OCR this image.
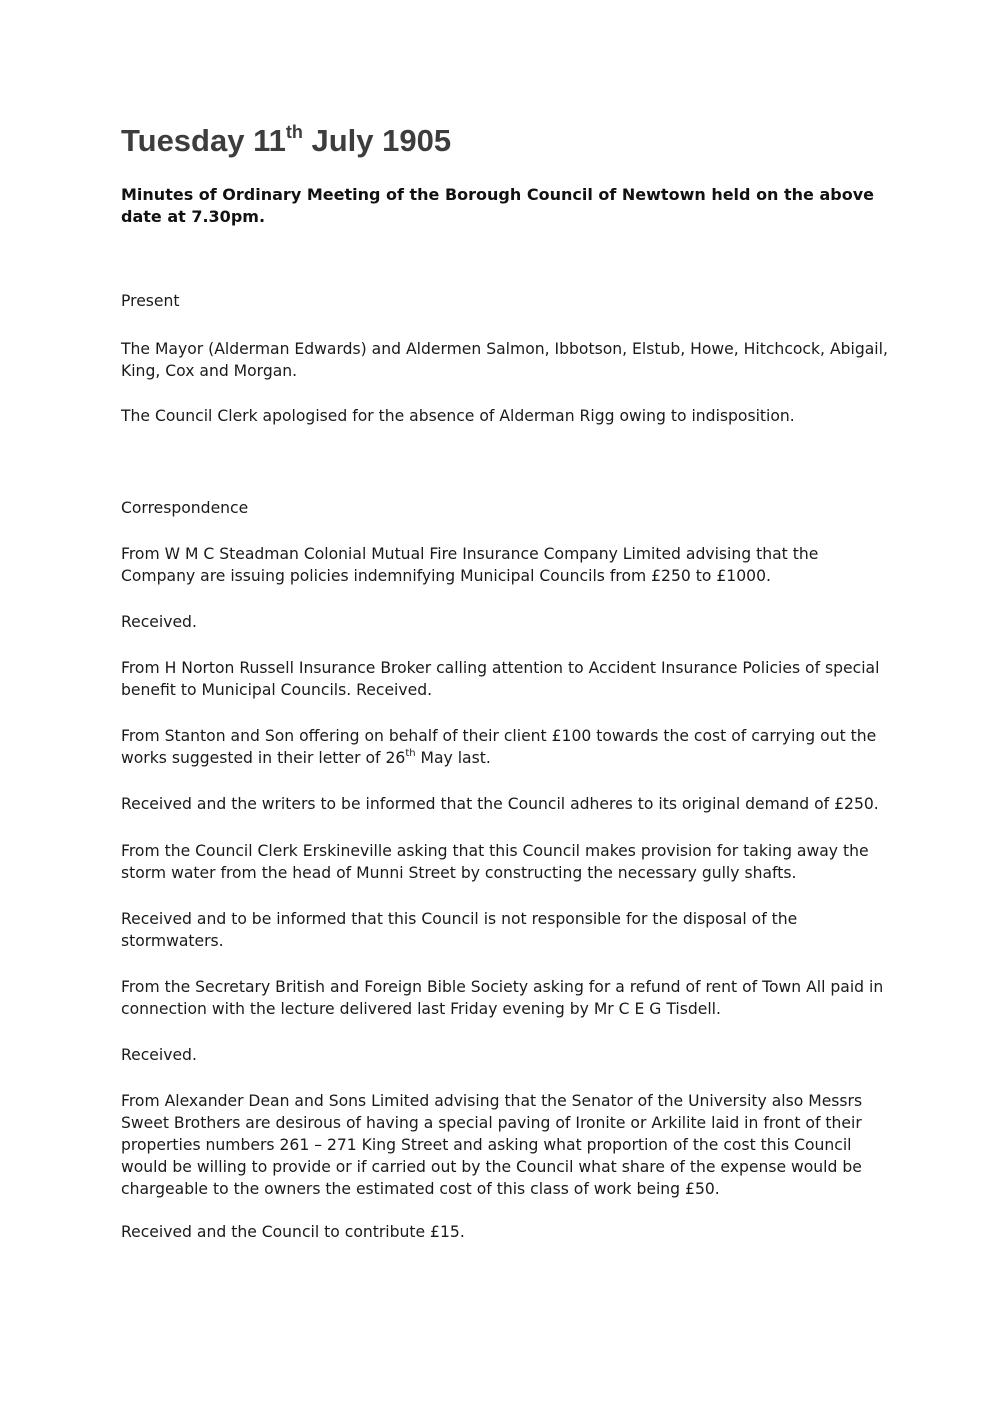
Tuesday 11th July 1905

Minutes of Ordinary Meeting of the Borough Council of Newtown held on the above date at 7.30pm.

Present

The Mayor (Alderman Edwards) and Aldermen Salmon, Ibbotson, Elstub, Howe, Hitchcock, Abigail, King, Cox and Morgan.

The Council Clerk apologised for the absence of Alderman Rigg owing to indisposition.

Correspondence

From W M C Steadman Colonial Mutual Fire Insurance Company Limited advising that the Company are issuing policies indemnifying Municipal Councils from £250 to £1000.

Received.

From H Norton Russell Insurance Broker calling attention to Accident Insurance Policies of special benefit to Municipal Councils. Received.

From Stanton and Son offering on behalf of their client £100 towards the cost of carrying out the works suggested in their letter of 26th May last.

Received and the writers to be informed that the Council adheres to its original demand of £250.

From the Council Clerk Erskineville asking that this Council makes provision for taking away the storm water from the head of Munni Street by constructing the necessary gully shafts.

Received and to be informed that this Council is not responsible for the disposal of the stormwaters.

From the Secretary British and Foreign Bible Society asking for a refund of rent of Town All paid in connection with the lecture delivered last Friday evening by Mr C E G Tisdell.

Received.

From Alexander Dean and Sons Limited advising that the Senator of the University also Messrs Sweet Brothers are desirous of having a special paving of Ironite or Arkilite laid in front of their properties numbers 261 – 271 King Street and asking what proportion of the cost this Council would be willing to provide or if carried out by the Council what share of the expense would be chargeable to the owners the estimated cost of this class of work being £50.

Received and the Council to contribute £15.
